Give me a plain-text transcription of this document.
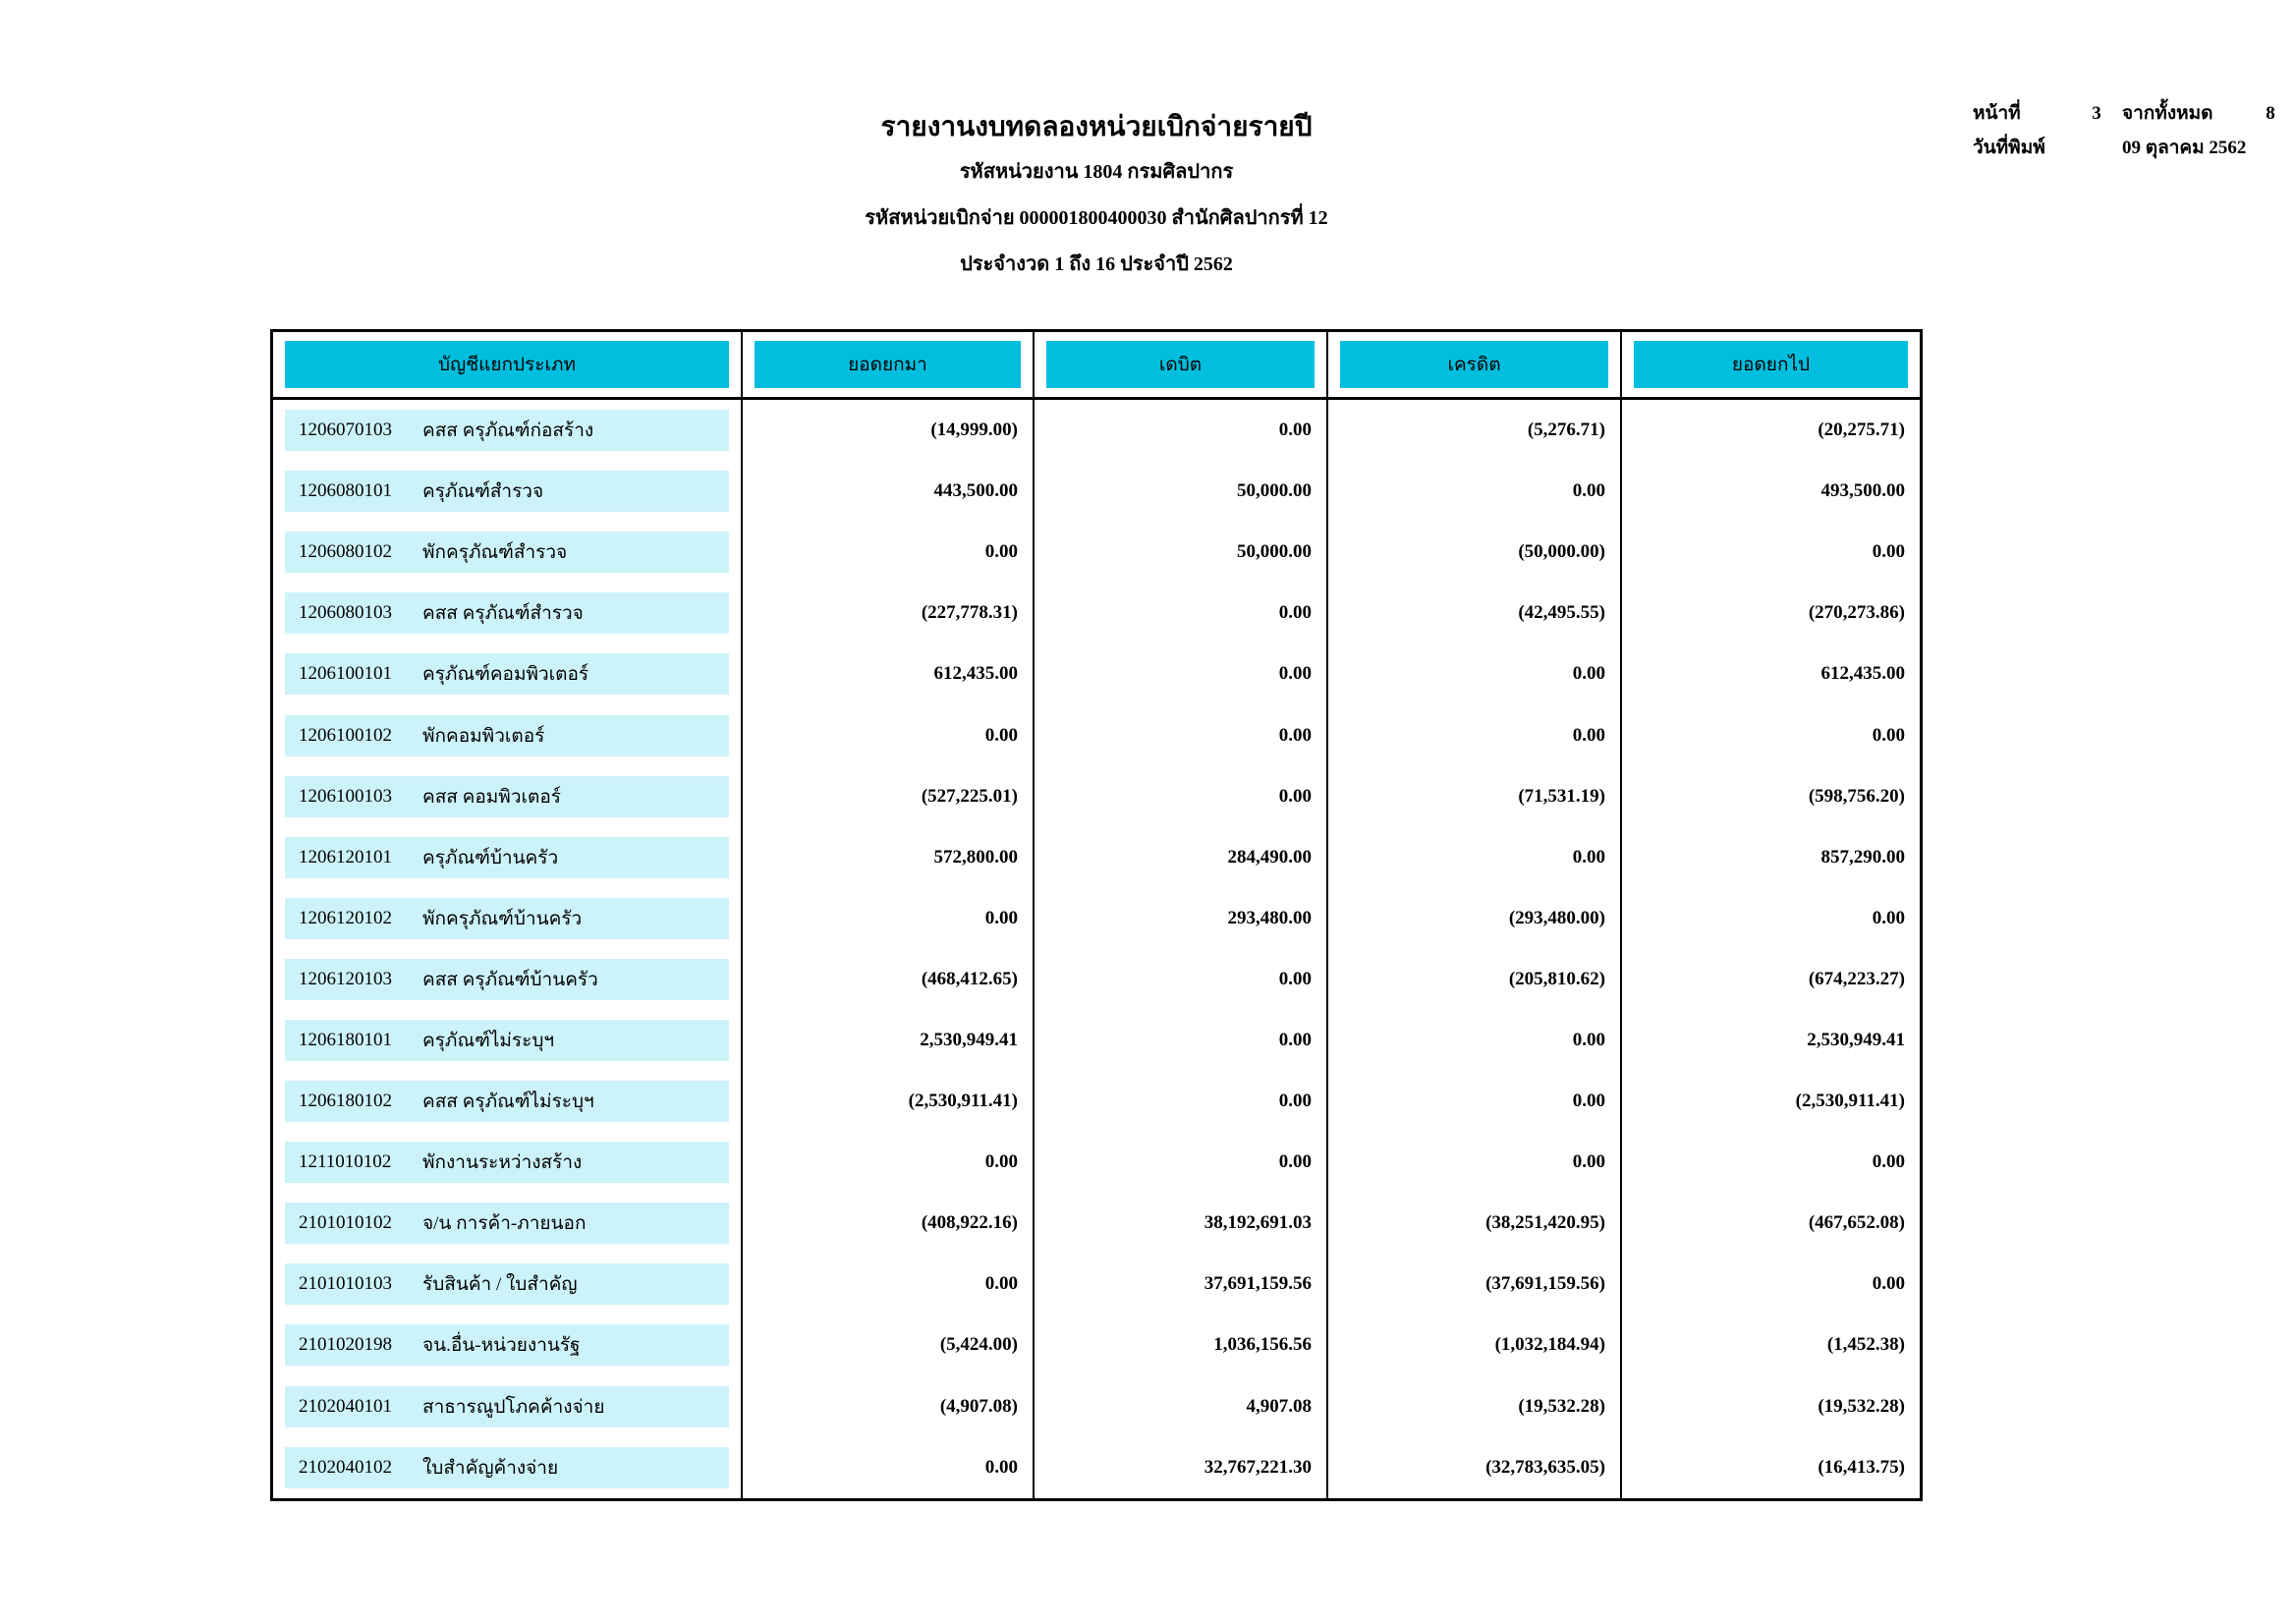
รายงานงบทดลองหน่วยเบิกจ่ายรายปี
รหัสหน่วยงาน 1804 กรมศิลปากร
รหัสหน่วยเบิกจ่าย 000001800400030 สำนักศิลปากรที่ 12
ประจำงวด 1 ถึง 16 ประจำปี 2562
หน้าที่	3	จากทั้งหมด	8
วันที่พิมพ์	09 ตุลาคม 2562
บัญชีแยกประเภท	ยอดยกมา	เดบิต	เครดิต	ยอดยกไป
1206070103 คสส ครุภัณฑ์ก่อสร้าง	(14,999.00)	0.00	(5,276.71)	(20,275.71)
1206080101 ครุภัณฑ์สำรวจ	443,500.00	50,000.00	0.00	493,500.00
1206080102 พักครุภัณฑ์สำรวจ	0.00	50,000.00	(50,000.00)	0.00
1206080103 คสส ครุภัณฑ์สำรวจ	(227,778.31)	0.00	(42,495.55)	(270,273.86)
1206100101 ครุภัณฑ์คอมพิวเตอร์	612,435.00	0.00	0.00	612,435.00
1206100102 พักคอมพิวเตอร์	0.00	0.00	0.00	0.00
1206100103 คสส คอมพิวเตอร์	(527,225.01)	0.00	(71,531.19)	(598,756.20)
1206120101 ครุภัณฑ์บ้านครัว	572,800.00	284,490.00	0.00	857,290.00
1206120102 พักครุภัณฑ์บ้านครัว	0.00	293,480.00	(293,480.00)	0.00
1206120103 คสส ครุภัณฑ์บ้านครัว	(468,412.65)	0.00	(205,810.62)	(674,223.27)
1206180101 ครุภัณฑ์ไม่ระบุฯ	2,530,949.41	0.00	0.00	2,530,949.41
1206180102 คสส ครุภัณฑ์ไม่ระบุฯ	(2,530,911.41)	0.00	0.00	(2,530,911.41)
1211010102	พักงานระหว่างสร้าง	0.00	0.00	0.00	0.00
2101010102 จ/น การค้า-ภายนอก	(408,922.16)	38,192,691.03	(38,251,420.95)	(467,652.08)
2101010103 รับสินค้า / ใบสำคัญ	0.00	37,691,159.56	(37,691,159.56)	0.00
2101020198 จน.อื่น-หน่วยงานรัฐ	(5,424.00)	1,036,156.56	(1,032,184.94)	(1,452.38)
2102040101 สาธารณูปโภคค้างจ่าย	(4,907.08)	4,907.08	(19,532.28)	(19,532.28)
2102040102 ใบสำคัญค้างจ่าย	0.00	32,767,221.30	(32,783,635.05)	(16,413.75)
